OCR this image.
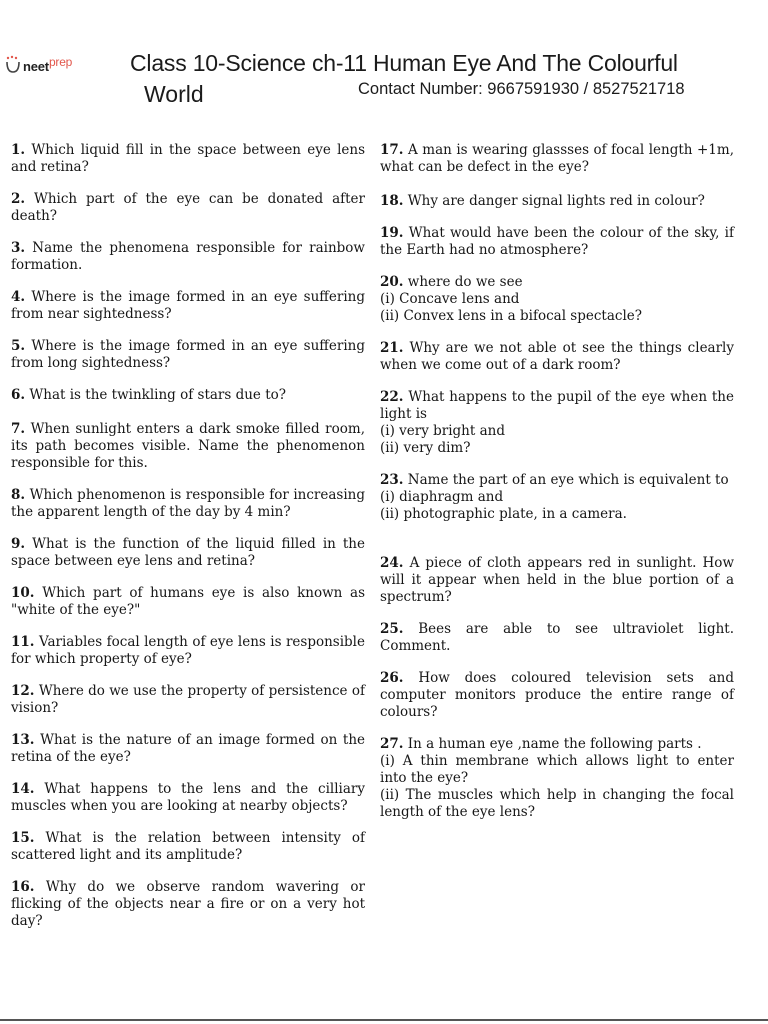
neetprep	Class 10-Science ch-11 Human Eye And The Colourful
World	Contact Number: 9667591930 / 8527521718
1. Which liquid fill in the space between eye lens and retina?
2. Which part of the eye can be donated after death?
3. Name the phenomena responsible for rainbow formation.
4. Where is the image formed in an eye suffering from near sightedness?
5. Where is the image formed in an eye suffering from long sightedness?
6. What is the twinkling of stars due to?
7. When sunlight enters a dark smoke filled room, its path becomes visible. Name the phenomenon responsible for this.
8. Which phenomenon is responsible for increasing the apparent length of the day by 4 min?
9. What is the function of the liquid filled in the space between eye lens and retina?
10. Which part of humans eye is also known as "white of the eye?"
11. Variables focal length of eye lens is responsible for which property of eye?
12. Where do we use the property of persistence of vision?
13. What is the nature of an image formed on the retina of the eye?
14. What happens to the lens and the cilliary muscles when you are looking at nearby objects?
15. What is the relation between intensity of scattered light and its amplitude?
16. Why do we observe random wavering or flicking of the objects near a fire or on a very hot day?
17. A man is wearing glassses of focal length +1m, what can be defect in the eye?
18. Why are danger signal lights red in colour?
19. What would have been the colour of the sky, if the Earth had no atmosphere?
20. where do we see
(i) Concave lens and
(ii) Convex lens in a bifocal spectacle?
21. Why are we not able ot see the things clearly when we come out of a dark room?
22. What happens to the pupil of the eye when the light is
(i) very bright and
(ii) very dim?
23. Name the part of an eye which is equivalent to
(i) diaphragm and
(ii) photographic plate, in a camera.
24. A piece of cloth appears red in sunlight. How will it appear when held in the blue portion of a spectrum?
25. Bees are able to see ultraviolet light. Comment.
26. How does coloured television sets and computer monitors produce the entire range of colours?
27. In a human eye ,name the following parts .
(i) A thin membrane which allows light to enter into the eye?
(ii) The muscles which help in changing the focal length of the eye lens?
